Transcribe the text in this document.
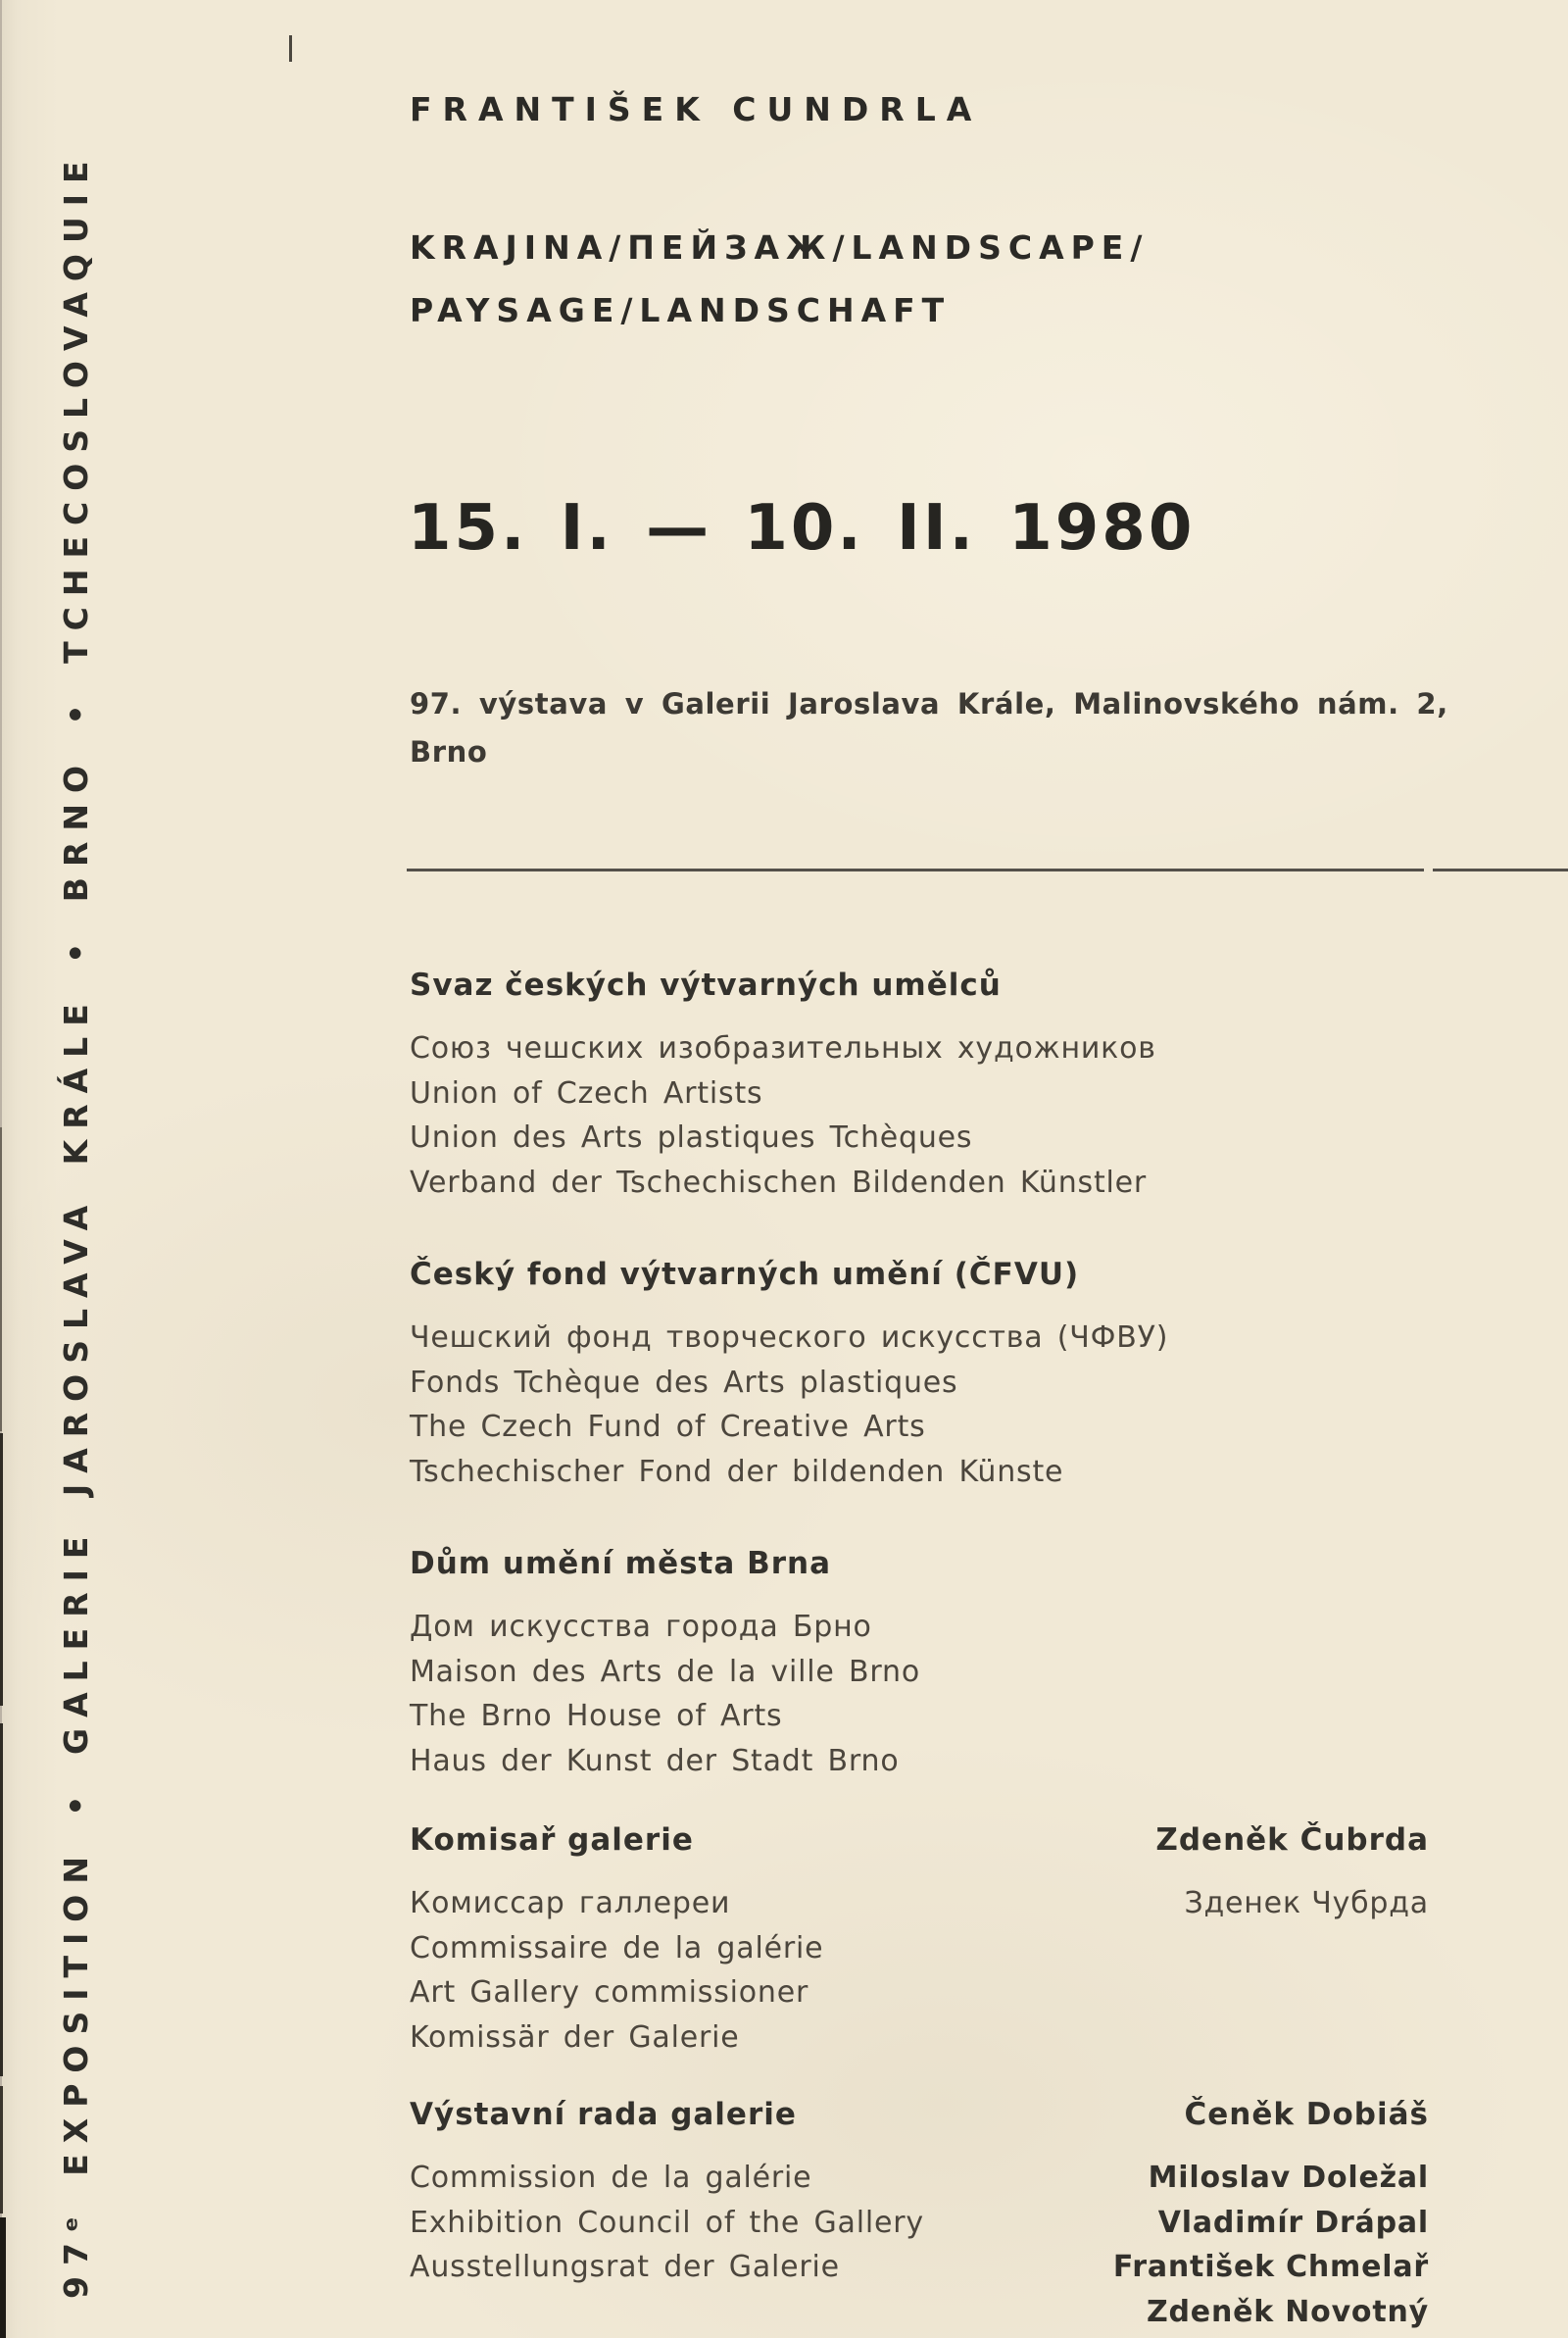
97ᵉ EXPOSITION • GALERIE JAROSLAVA KRÁLE • BRNO • TCHECOSLOVAQUIE
FRANTIŠEK CUNDRLA
KRAJINA/ПЕЙЗАЖ/LANDSCAPE/
PAYSAGE/LANDSCHAFT
15. I. — 10. II. 1980
97. výstava v Galerii Jaroslava Krále, Malinovského nám. 2,
Brno
Svaz českých výtvarných umělců
Союз чешских изобразительных художников
Union of Czech Artists
Union des Arts plastiques Tchèques
Verband der Tschechischen Bildenden Künstler
Český fond výtvarných umění (ČFVU)
Чешский фонд творческого искусства (ЧФВУ)
Fonds Tchèque des Arts plastiques
The Czech Fund of Creative Arts
Tschechischer Fond der bildenden Künste
Dům umění města Brna
Дом искусства города Брно
Maison des Arts de la ville Brno
The Brno House of Arts
Haus der Kunst der Stadt Brno
Komisař galerie
Комиссар галлереи
Commissaire de la galérie
Art Gallery commissioner
Komissär der Galerie
Zdeněk Čubrda
Зденек Чубрда
Výstavní rada galerie
Commission de la galérie
Exhibition Council of the Gallery
Ausstellungsrat der Galerie
Čeněk Dobiáš
Miloslav Doležal
Vladimír Drápal
František Chmelař
Zdeněk Novotný
